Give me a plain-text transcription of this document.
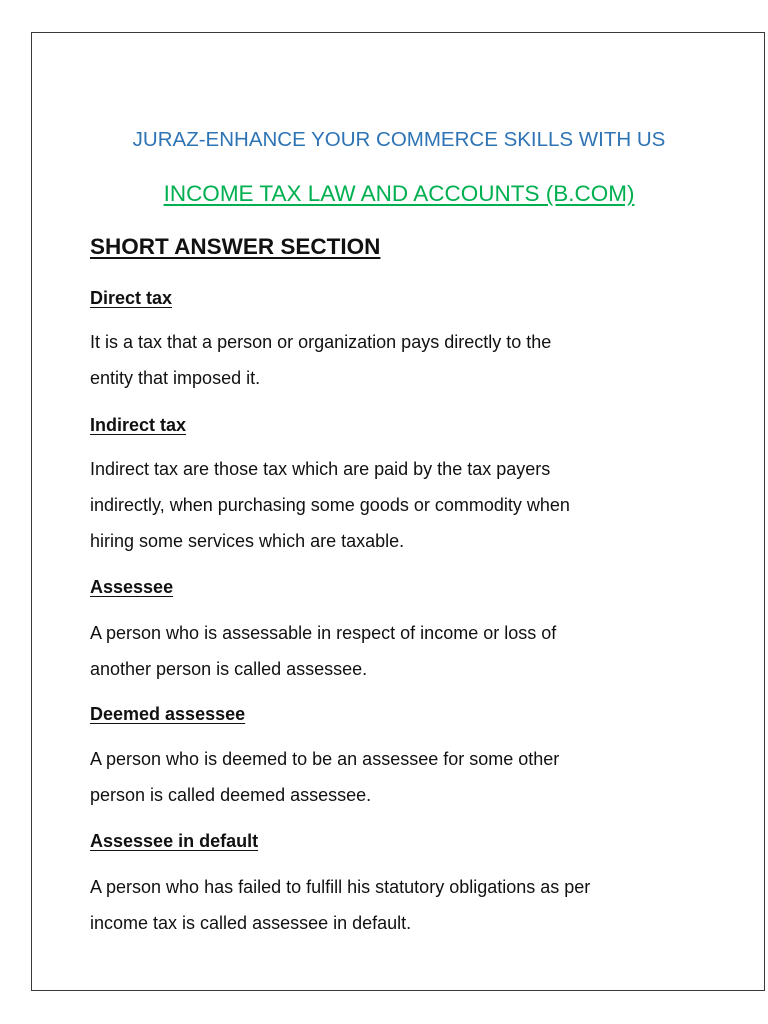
JURAZ-ENHANCE YOUR COMMERCE SKILLS WITH US
INCOME TAX LAW AND ACCOUNTS (B.COM)
SHORT ANSWER SECTION
Direct tax

It is a tax that a person or organization pays directly to the
entity that imposed it.

Indirect tax

Indirect tax are those tax which are paid by the tax payers
indirectly, when purchasing some goods or commodity when
hiring some services which are taxable.

Assessee

A person who is assessable in respect of income or loss of
another person is called assessee.

Deemed assessee

A person who is deemed to be an assessee for some other
person is called deemed assessee.

Assessee in default

A person who has failed to fulfill his statutory obligations as per
income tax is called assessee in default.
